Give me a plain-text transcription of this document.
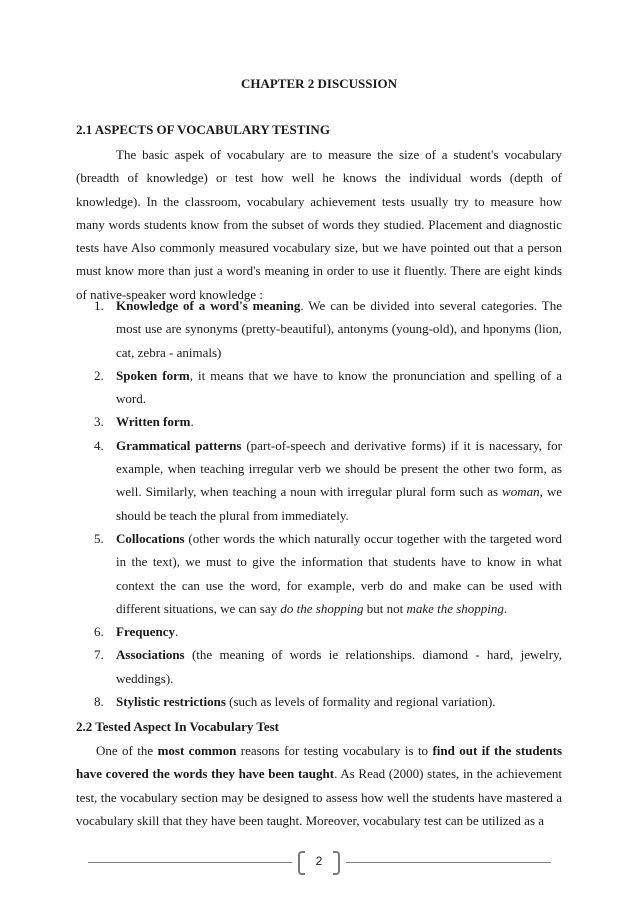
CHAPTER 2 DISCUSSION
2.1 ASPECTS OF VOCABULARY TESTING

The basic aspek of vocabulary are to measure the size of a student's vocabulary (breadth of knowledge) or test how well he knows the individual words (depth of knowledge). In the classroom, vocabulary achievement tests usually try to measure how many words students know from the subset of words they studied. Placement and diagnostic tests have Also commonly measured vocabulary size, but we have pointed out that a person must know more than just a word's meaning in order to use it fluently. There are eight kinds of native-speaker word knowledge :

1. Knowledge of a word's meaning. We can be divided into several categories. The most use are synonyms (pretty-beautiful), antonyms (young-old), and hponyms (lion, cat, zebra - animals)
2. Spoken form, it means that we have to know the pronunciation and spelling of a word.
3. Written form.
4. Grammatical patterns (part-of-speech and derivative forms) if it is nacessary, for example, when teaching irregular verb we should be present the other two form, as well. Similarly, when teaching a noun with irregular plural form such as woman, we should be teach the plural from immediately.
5. Collocations (other words the which naturally occur together with the targeted word in the text), we must to give the information that students have to know in what context the can use the word, for example, verb do and make can be used with different situations, we can say do the shopping but not make the shopping.
6. Frequency.
7. Associations (the meaning of words ie relationships. diamond - hard, jewelry, weddings).
8. Stylistic restrictions (such as levels of formality and regional variation).
2.2 Tested Aspect In Vocabulary Test

One of the most common reasons for testing vocabulary is to find out if the students have covered the words they have been taught. As Read (2000) states, in the achievement test, the vocabulary section may be designed to assess how well the students have mastered a vocabulary skill that they have been taught. Moreover, vocabulary test can be utilized as a

2
